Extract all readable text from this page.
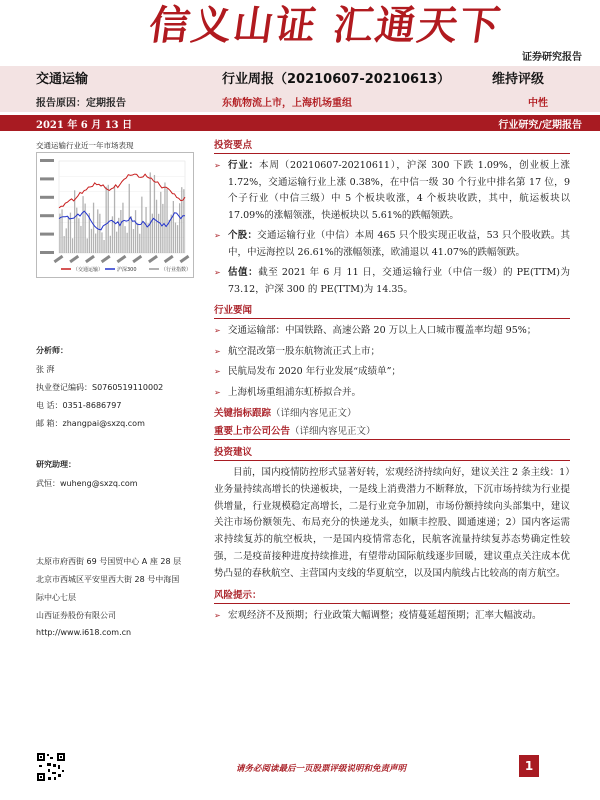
信义山证 汇通天下
证券研究报告
交通运输
报告原因：定期报告
行业周报（20210607-20210613）
东航物流上市，上海机场重组
维持评级
中性
2021 年 6 月 13 日	行业研究/定期报告
交通运输行业近一年市场表现
（交通运输）	沪深300	（行业指数）
分析师：
张 湃
执业登记编码：S0760519110002
电 话：0351-8686797
邮 箱：zhangpai@sxzq.com
研究助理：
武恒：wuheng@sxzq.com
太原市府西街 69 号国贸中心 A 座 28 层
北京市西城区平安里西大街 28 号中海国
际中心七层
山西证券股份有限公司
http://www.i618.com.cn
投资要点
➢ 行业：本周（20210607-20210611），沪深 300 下跌 1.09%，创业板上涨 1.72%，交通运输行业上涨 0.38%，在中信一级 30 个行业中排名第 17 位，9 个子行业（中信三级）中 5 个板块收涨，4 个板块收跌，其中，航运板块以 17.09%的涨幅领涨，快递板块以 5.61%的跌幅领跌。
➢ 个股：交通运输行业（中信）本周 465 只个股实现正收益，53 只个股收跌。其中，中远海控以 26.61%的涨幅领涨，欧浦退以 41.07%的跌幅领跌。
➢ 估值：截至 2021 年 6 月 11 日，交通运输行业（中信一级）的 PE(TTM)为 73.12，沪深 300 的 PE(TTM)为 14.35。
行业要闻
➢ 交通运输部：中国铁路、高速公路 20 万以上人口城市覆盖率均超 95%；
➢ 航空混改第一股东航物流正式上市；
➢ 民航局发布 2020 年行业发展“成绩单”；
➢ 上海机场重组浦东虹桥拟合并。
关键指标跟踪（详细内容见正文）
重要上市公司公告（详细内容见正文）
投资建议
目前，国内疫情防控形式显著好转，宏观经济持续向好，建议关注 2 条主线：1）业务量持续高增长的快递板块，一是线上消费潜力不断释放，下沉市场持续为行业提供增量，行业规模稳定高增长，二是行业竞争加剧，市场份额持续向头部集中，建议关注市场份额领先、布局充分的快递龙头，如顺丰控股、圆通速递；2）国内客运需求持续复苏的航空板块，一是国内疫情常态化，民航客流量持续复苏态势确定性较强，二是疫苗接种进度持续推进，有望带动国际航线逐步回暖，建议重点关注成本优势凸显的春秋航空、主营国内支线的华夏航空，以及国内航线占比较高的南方航空。
风险提示：
➢ 宏观经济不及预期；行业政策大幅调整；疫情蔓延超预期；汇率大幅波动。
请务必阅读最后一页股票评级说明和免责声明	1
